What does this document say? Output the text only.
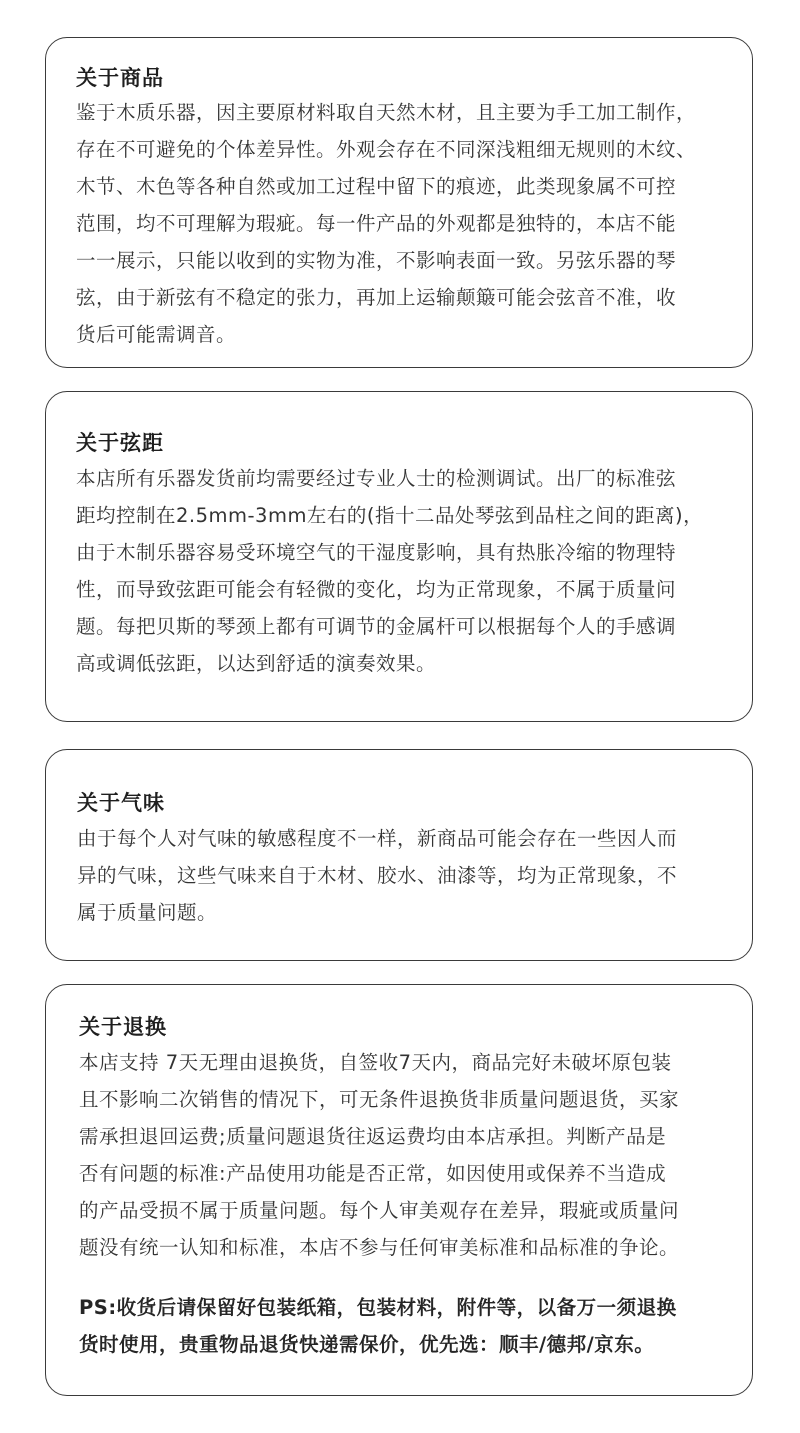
关于商品
鉴于木质乐器，因主要原材料取自天然木材，且主要为手工加工制作，
存在不可避免的个体差异性。外观会存在不同深浅粗细无规则的木纹、
木节、木色等各种自然或加工过程中留下的痕迹，此类现象属不可控
范围，均不可理解为瑕疵。每一件产品的外观都是独特的，本店不能
一一展示，只能以收到的实物为准，不影响表面一致。另弦乐器的琴
弦，由于新弦有不稳定的张力，再加上运输颠簸可能会弦音不准，收
货后可能需调音。
关于弦距
本店所有乐器发货前均需要经过专业人士的检测调试。出厂的标准弦
距均控制在2.5mm-3mm左右的(指十二品处琴弦到品柱之间的距离)，
由于木制乐器容易受环境空气的干湿度影响，具有热胀冷缩的物理特
性，而导致弦距可能会有轻微的变化，均为正常现象，不属于质量问
题。每把贝斯的琴颈上都有可调节的金属杆可以根据每个人的手感调
高或调低弦距，以达到舒适的演奏效果。
关于气味
由于每个人对气味的敏感程度不一样，新商品可能会存在一些因人而
异的气味，这些气味来自于木材、胶水、油漆等，均为正常现象，不
属于质量问题。
关于退换
本店支持 7天无理由退换货，自签收7天内，商品完好未破坏原包装
且不影响二次销售的情况下，可无条件退换货非质量问题退货，买家
需承担退回运费;质量问题退货往返运费均由本店承担。判断产品是
否有问题的标准:产品使用功能是否正常，如因使用或保养不当造成
的产品受损不属于质量问题。每个人审美观存在差异，瑕疵或质量问
题没有统一认知和标准，本店不参与任何审美标准和品标准的争论。
PS:收货后请保留好包装纸箱，包装材料，附件等，以备万一须退换
货时使用，贵重物品退货快递需保价，优先选：顺丰/德邦/京东。
